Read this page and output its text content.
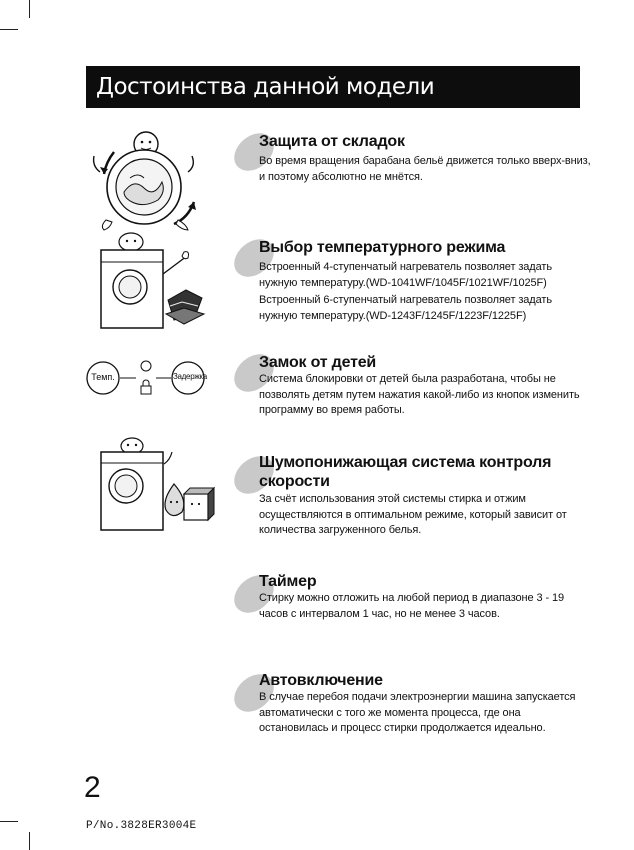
Достоинства данной модели
Темп.	Задержка
Защита от складок

Во время вращения барабана бельё движется только вверх-вниз, и поэтому абсолютно не мнётся.

Выбор температурного режима

Встроенный 4-ступенчатый нагреватель позволяет задать нужную температуру.(WD-1041WF/1045F/1021WF/1025F)

Встроенный 6-ступенчатый нагреватель позволяет задать нужную температуру.(WD-1243F/1245F/1223F/1225F)

Замок от детей

Система блокировки от детей была разработана, чтобы не позволять детям путем нажатия какой-либо из кнопок изменить программу во время работы.

Шумопонижающая система контроля скорости

За счёт использования этой системы стирка и отжим осуществляются в оптимальном режиме, который зависит от количества загруженного белья.

Таймер

Стирку можно отложить на любой период в диапазоне 3 - 19 часов с интервалом 1 час, но не менее 3 часов.

Автовключение

В случае перебоя подачи электроэнергии машина запускается автоматически с того же момента процесса, где она остановилась и процесс стирки продолжается идеально.

2
P/No.3828ER3004E
